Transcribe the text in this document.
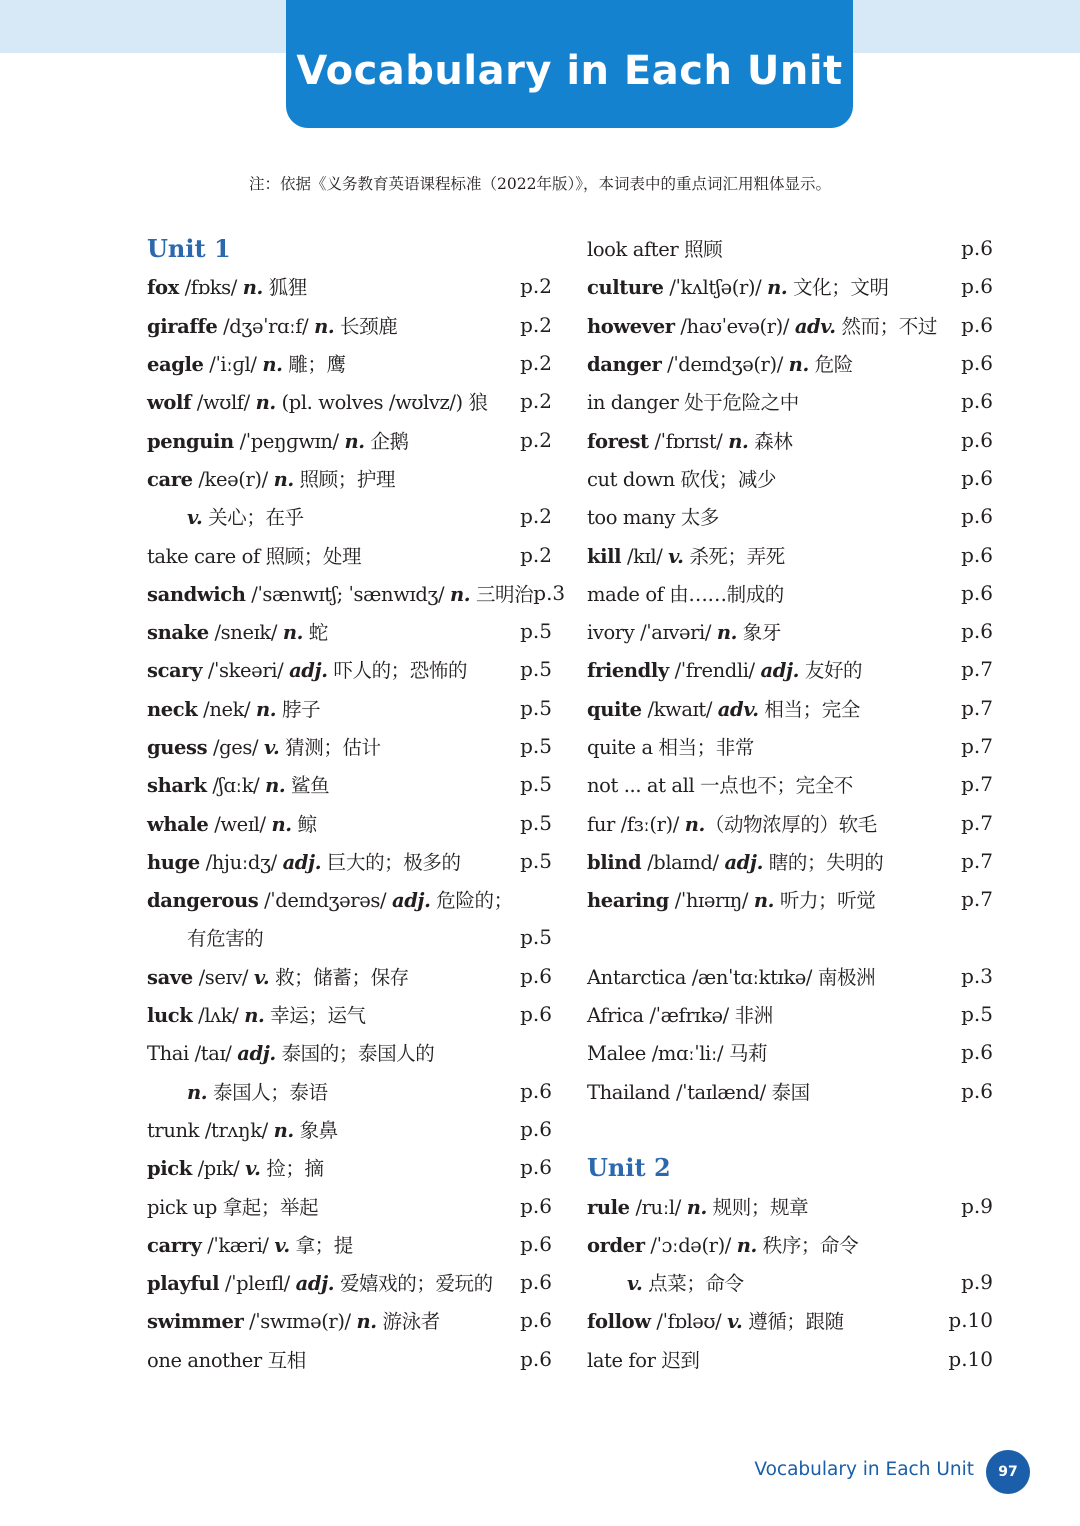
Vocabulary in Each Unit
注：依据《义务教育英语课程标准（2022年版）》，本词表中的重点词汇用粗体显示。
Unit 1
fox /fɒks/ n. 狐狸	p.2
giraffe /dʒəˈrɑːf/ n. 长颈鹿	p.2
eagle /ˈiːɡl/ n. 雕；鹰	p.2
wolf /wʊlf/ n. (pl. wolves /wʊlvz/) 狼 p.2
penguin /ˈpeŋɡwɪn/ n. 企鹅	p.2
care /keə(r)/ n. 照顾；护理
v. 关心；在乎	p.2
take care of 照顾；处理	p.2
sandwich /ˈsænwɪtʃ; ˈsænwɪdʒ/ n. 三明治 p.3
snake /sneɪk/ n. 蛇	p.5
scary /ˈskeəri/ adj. 吓人的；恐怖的	p.5
neck /nek/ n. 脖子	p.5
guess /ges/ v. 猜测；估计	p.5
shark /ʃɑːk/ n. 鲨鱼	p.5
whale /weɪl/ n. 鲸	p.5
huge /hjuːdʒ/ adj. 巨大的；极多的	p.5
dangerous /ˈdeɪndʒərəs/ adj. 危险的；
有危害的	p.5
save /seɪv/ v. 救；储蓄；保存	p.6
luck /lʌk/ n. 幸运；运气	p.6
Thai /taɪ/ adj. 泰国的；泰国人的
n. 泰国人；泰语	p.6
trunk /trʌŋk/ n. 象鼻	p.6
pick /pɪk/ v. 捡；摘	p.6
pick up 拿起；举起	p.6
carry /ˈkæri/ v. 拿；提	p.6
playful /ˈpleɪfl/ adj. 爱嬉戏的；爱玩的 p.6
swimmer /ˈswɪmə(r)/ n. 游泳者	p.6
one another 互相	p.6
look after 照顾	p.6
culture /ˈkʌltʃə(r)/ n. 文化；文明	p.6
however /haʊˈevə(r)/ adv. 然而；不过 p.6
danger /ˈdeɪndʒə(r)/ n. 危险	p.6
in danger 处于危险之中	p.6
forest /ˈfɒrɪst/ n. 森林	p.6
cut down 砍伐；减少	p.6
too many 太多	p.6
kill /kɪl/ v. 杀死；弄死	p.6
made of 由……制成的	p.6
ivory /ˈaɪvəri/ n. 象牙	p.6
friendly /ˈfrendli/ adj. 友好的	p.7
quite /kwaɪt/ adv. 相当；完全	p.7
quite a 相当；非常	p.7
not ... at all 一点也不；完全不	p.7
fur /fɜː(r)/ n.（动物浓厚的）软毛	p.7
blind /blaɪnd/ adj. 瞎的；失明的	p.7
hearing /ˈhɪərɪŋ/ n. 听力；听觉	p.7
Antarctica /ænˈtɑːktɪkə/ 南极洲	p.3
Africa /ˈæfrɪkə/ 非洲	p.5
Malee /mɑːˈliː/ 马莉	p.6
Thailand /ˈtaɪlænd/ 泰国	p.6
Unit 2
rule /ruːl/ n. 规则；规章	p.9
order /ˈɔːdə(r)/ n. 秩序；命令
v. 点菜；命令	p.9
follow /ˈfɒləʊ/ v. 遵循；跟随	p.10
late for 迟到	p.10
Vocabulary in Each Unit	97
